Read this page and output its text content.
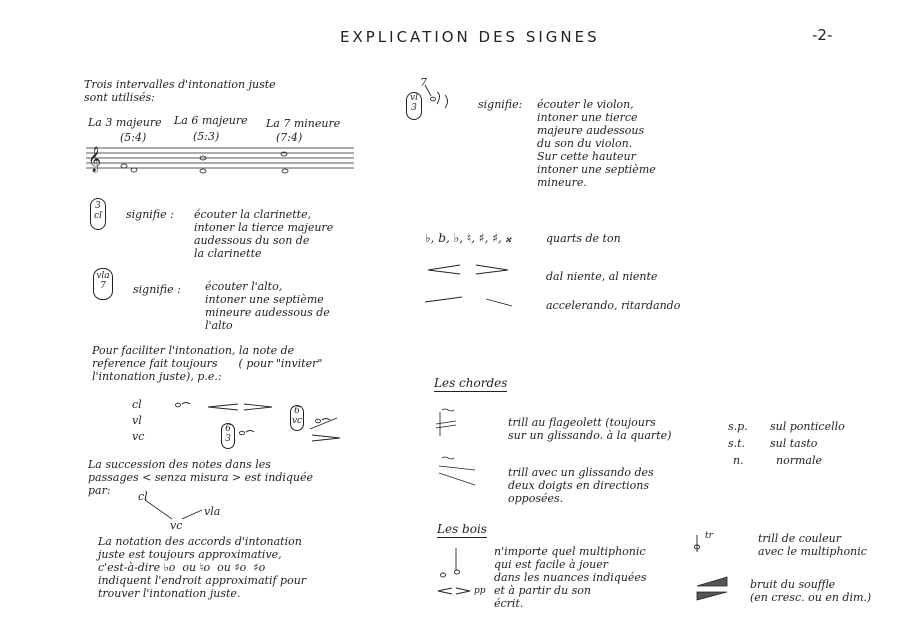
EXPLICATION DES SIGNES	-2-
Trois intervalles d'intonation juste
sont utilisés:
La 3 majeure
(5:4)
La 6 majeure
(5:3)
La 7 mineure
(7:4)
𝄞
3 cl	signifie : écouter la clarinette,
intoner la tierce majeure
audessous du son de
la clarinette
vla 7	signifie : écouter l'alto,
intoner une septième
mineure audessous de
l'alto
Pour faciliter l'intonation, la note de
reference fait toujours      ( pour "inviter"
l'intonation juste), p.e.:
cl
vl
vc
6 vc
6 3
La succession des notes dans les
passages < senza misura > est indiquée
par:	cl
vc
vla
La notation des accords d'intonation
juste est toujours approximative,
c'est-à-dire ♭o  ou ♮o  ou ♯o  ♯o
indiquent l'endroit approximatif pour
trouver l'intonation juste.
7
vl 3	signifie: écouter le violon,
intoner une tierce
majeure audessous
du son du violon.
Sur cette hauteur
intoner une septième
mineure.
♭, b, ♭, ♮, ♯, ♯, 𝄪	quarts de ton
dal niente, al niente
accelerando, ritardando
Les chordes
trill au flageolett (toujours
sur un glissando. à la quarte)
trill avec un glissando des
deux doigts en directions
opposées.
s.p. sul ponticello
s.t. sul tasto
n.	normale
Les bois
n'importe quel multiphonic
qui est facile à jouer
dans les nuances indiquées
et à partir du son
écrit.
pp
tr	trill de couleur
avec le multiphonic
bruit du souffle
(en cresc. ou en dim.)
